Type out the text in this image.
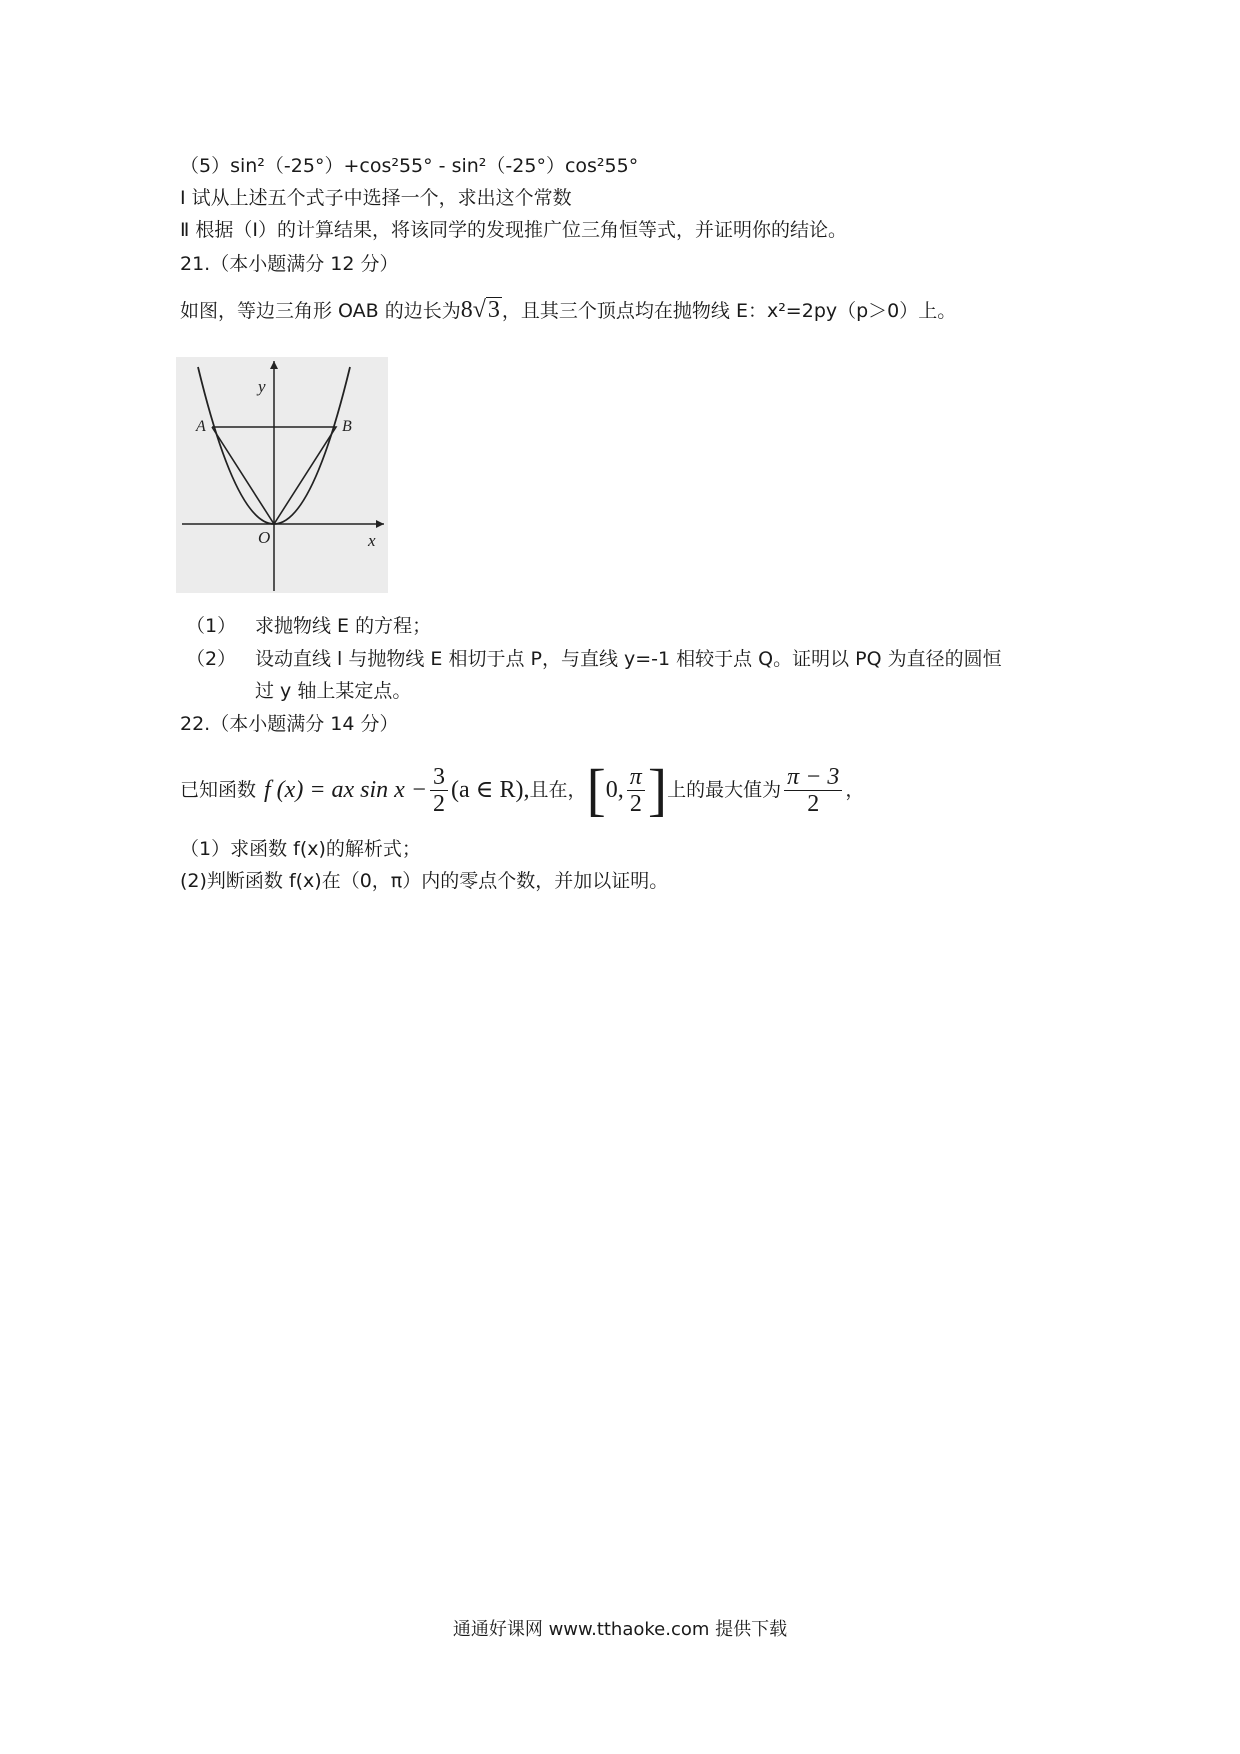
（5）sin²（-25°）+cos²55° - sin²（-25°）cos²55°
Ⅰ 试从上述五个式子中选择一个，求出这个常数
Ⅱ 根据（Ⅰ）的计算结果，将该同学的发现推广位三角恒等式，并证明你的结论。
21.（本小题满分 12 分）
如图，等边三角形 OAB 的边长为8√3 ，且其三个顶点均在抛物线 E：x²=2py（p＞0）上。
y
x
O
A	B
（1） 求抛物线 E 的方程；
（2） 设动直线 l 与抛物线 E 相切于点 P，与直线 y=-1 相较于点 Q。证明以 PQ 为直径的圆恒
过 y 轴上某定点。
22.（本小题满分 14 分）
已知函数 f (x) = ax $\sin x - \frac{3}{2} (a$ ∈ R), 且在， [ 0, $\frac{\pi}{2}$ ] 上的最大值为 $\frac{\pi - 3}{2}$ ，
（1）求函数 f(x)的解析式；
(2)判断函数 f(x)在（0，π）内的零点个数，并加以证明。
通通好课网 www.tthaoke.com 提供下载
